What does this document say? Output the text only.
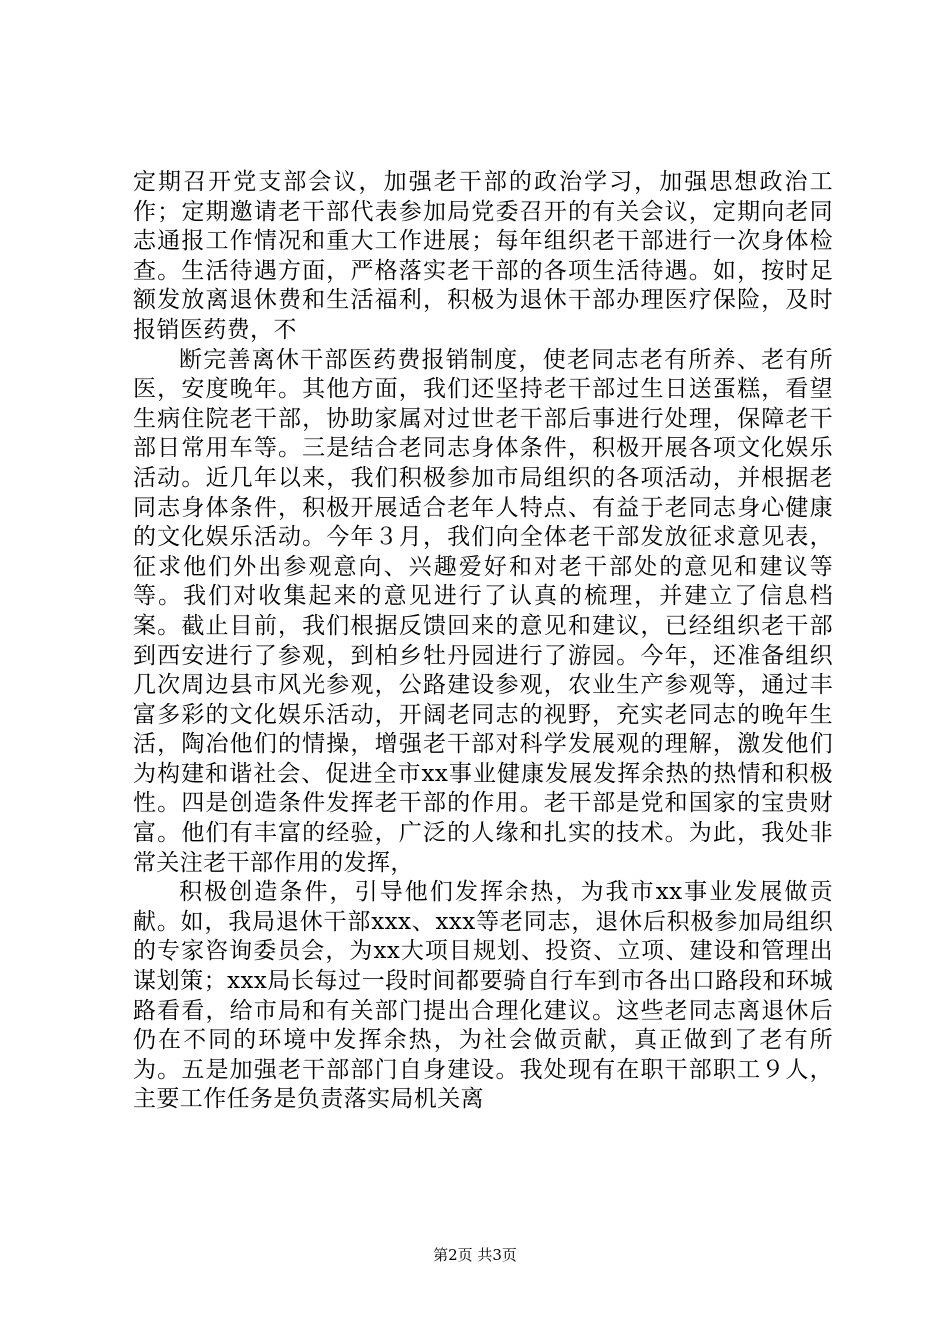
定期召开党支部会议，加强老干部的政治学习，加强思想政治工作；定期邀请老干部代表参加局党委召开的有关会议，定期向老同志通报工作情况和重大工作进展；每年组织老干部进行一次身体检查。生活待遇方面，严格落实老干部的各项生活待遇。如，按时足额发放离退休费和生活福利，积极为退休干部办理医疗保险，及时报销医药费，不

断完善离休干部医药费报销制度，使老同志老有所养、老有所医，安度晚年。其他方面，我们还坚持老干部过生日送蛋糕，看望生病住院老干部，协助家属对过世老干部后事进行处理，保障老干部日常用车等。三是结合老同志身体条件，积极开展各项文化娱乐活动。近几年以来，我们积极参加市局组织的各项活动，并根据老同志身体条件，积极开展适合老年人特点、有益于老同志身心健康的文化娱乐活动。今年３月，我们向全体老干部发放征求意见表，征求他们外出参观意向、兴趣爱好和对老干部处的意见和建议等等。我们对收集起来的意见进行了认真的梳理，并建立了信息档案。截止目前，我们根据反馈回来的意见和建议，已经组织老干部到西安进行了参观，到柏乡牡丹园进行了游园。今年，还准备组织几次周边县市风光参观，公路建设参观，农业生产参观等，通过丰富多彩的文化娱乐活动，开阔老同志的视野，充实老同志的晚年生活，陶冶他们的情操，增强老干部对科学发展观的理解，激发他们为构建和谐社会、促进全市xx事业健康发展发挥余热的热情和积极性。四是创造条件发挥老干部的作用。老干部是党和国家的宝贵财富。他们有丰富的经验，广泛的人缘和扎实的技术。为此，我处非常关注老干部作用的发挥，

积极创造条件，引导他们发挥余热，为我市xx事业发展做贡献。如，我局退休干部xxx、xxx等老同志，退休后积极参加局组织的专家咨询委员会，为xx大项目规划、投资、立项、建设和管理出谋划策；xxx局长每过一段时间都要骑自行车到市各出口路段和环城路看看，给市局和有关部门提出合理化建议。这些老同志离退休后仍在不同的环境中发挥余热，为社会做贡献，真正做到了老有所为。五是加强老干部部门自身建设。我处现有在职干部职工９人，主要工作任务是负责落实局机关离

第2页 共3页
